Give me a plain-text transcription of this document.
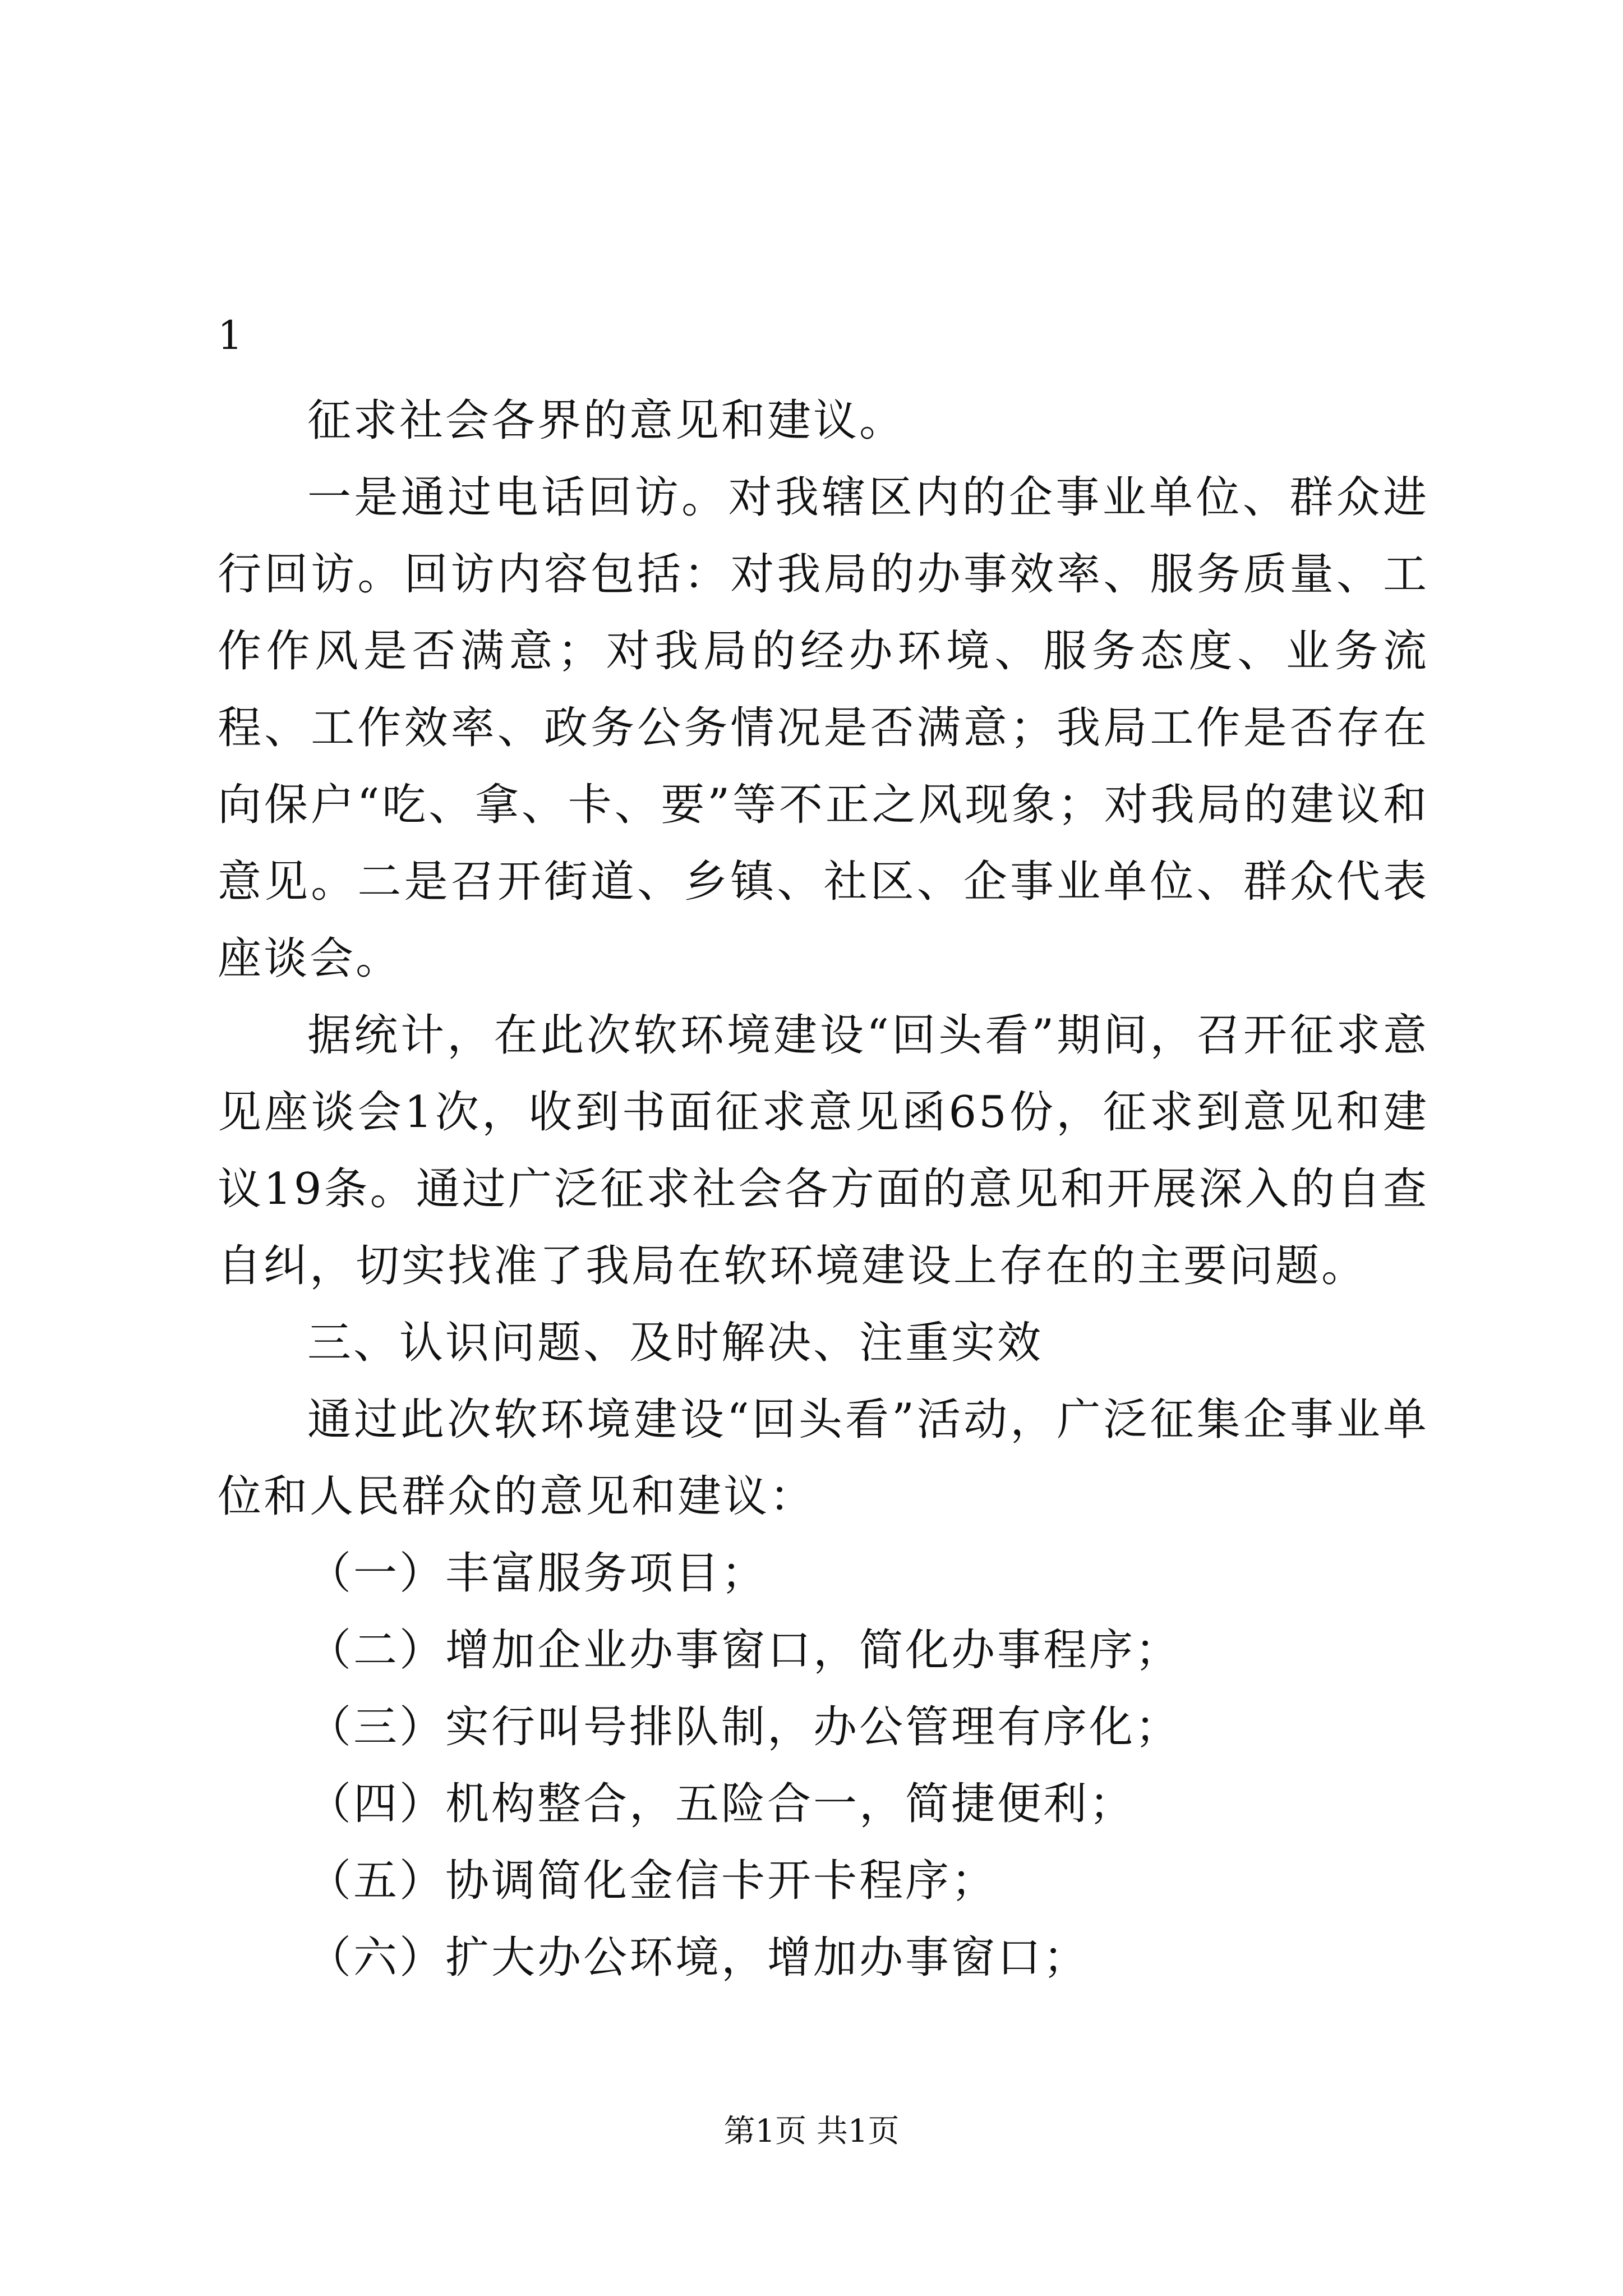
1

征求社会各界的意见和建议。

一是通过电话回访。对我辖区内的企事业单位、群众进行回访。回访内容包括：对我局的办事效率、服务质量、工作作风是否满意；对我局的经办环境、服务态度、业务流程、工作效率、政务公务情况是否满意；我局工作是否存在向保户“吃、拿、卡、要”等不正之风现象；对我局的建议和意见。二是召开街道、乡镇、社区、企事业单位、群众代表座谈会。

据统计，在此次软环境建设“回头看”期间，召开征求意见座谈会1次，收到书面征求意见函65份，征求到意见和建议19条。通过广泛征求社会各方面的意见和开展深入的自查自纠，切实找准了我局在软环境建设上存在的主要问题。

三、认识问题、及时解决、注重实效

通过此次软环境建设“回头看”活动，广泛征集企事业单位和人民群众的意见和建议：

（一）丰富服务项目；

（二）增加企业办事窗口，简化办事程序；

（三）实行叫号排队制，办公管理有序化；

（四）机构整合，五险合一，简捷便利；

（五）协调简化金信卡开卡程序；

（六）扩大办公环境，增加办事窗口；

第1页 共1页
